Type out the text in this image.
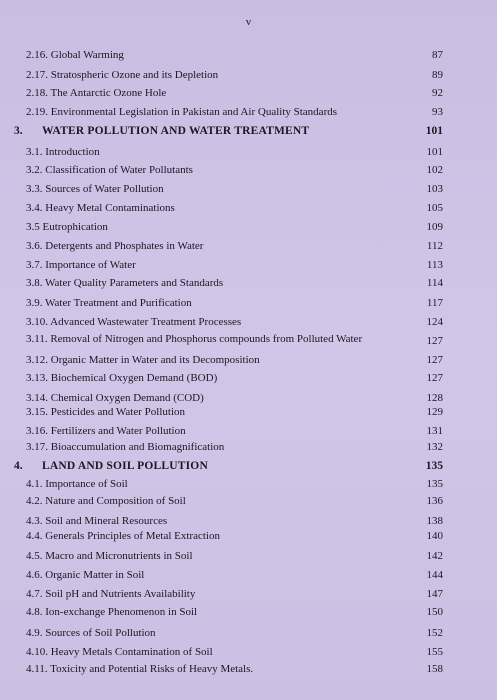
v
2.16. Global Warming	87
2.17. Stratospheric Ozone and its Depletion	89
2.18. The Antarctic Ozone Hole	92
2.19. Environmental Legislation in Pakistan and Air Quality Standards	93
3. WATER POLLUTION AND WATER TREATMENT	101
3.1. Introduction	101
3.2. Classification of Water Pollutants	102
3.3. Sources of Water Pollution	103
3.4. Heavy Metal Contaminations	105
3.5 Eutrophication	109
3.6. Detergents and Phosphates in Water	112
3.7. Importance of Water	113
3.8. Water Quality Parameters and Standards	114
3.9. Water Treatment and Purification	117
3.10. Advanced Wastewater Treatment Processes	124
3.11. Removal of Nitrogen and Phosphorus compounds from Polluted Water	127
3.12. Organic Matter in Water and its Decomposition	127
3.13. Biochemical Oxygen Demand (BOD)	127
3.14. Chemical Oxygen Demand (COD)	128
3.15. Pesticides and Water Pollution	129
3.16. Fertilizers and Water Pollution	131
3.17. Bioaccumulation and Biomagnification	132
4. LAND AND SOIL POLLUTION	135
4.1. Importance of Soil	135
4.2. Nature and Composition of Soil	136
4.3. Soil and Mineral Resources	138
4.4. Generals Principles of Metal Extraction	140
4.5. Macro and Micronutrients in Soil	142
4.6. Organic Matter in Soil	144
4.7. Soil pH and Nutrients Availability	147
4.8. Ion-exchange Phenomenon in Soil	150
4.9. Sources of Soil Pollution	152
4.10. Heavy Metals Contamination of Soil	155
4.11. Toxicity and Potential Risks of Heavy Metals.	158
